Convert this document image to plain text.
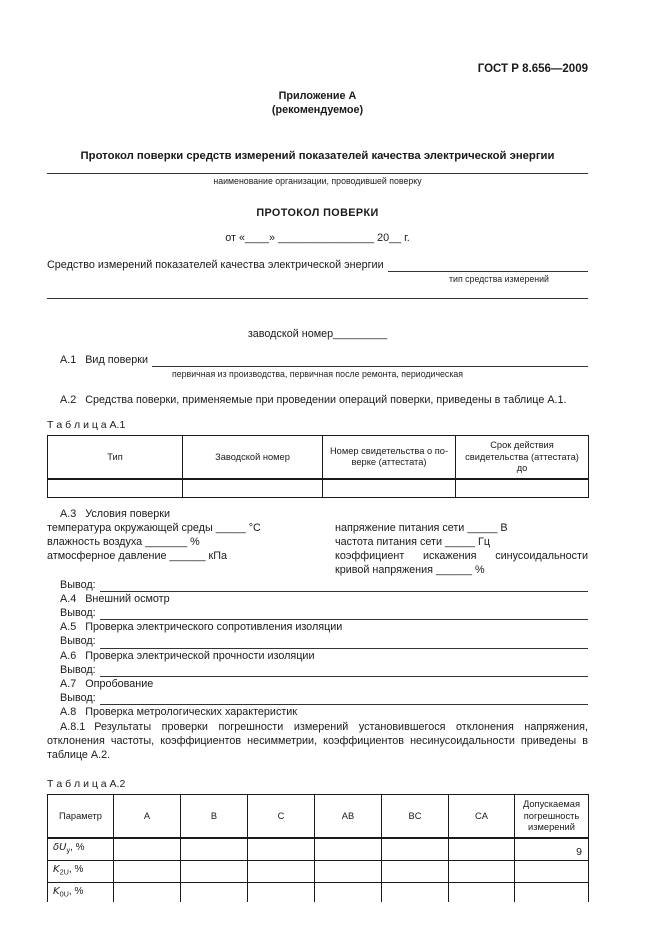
ГОСТ Р 8.656—2009
Приложение А
(рекомендуемое)
Протокол поверки средств измерений показателей качества электрической энергии
наименование организации, проводившей поверку
ПРОТОКОЛ ПОВЕРКИ
от «____» ________________ 20__ г.
Средство измерений показателей качества электрической энергии
тип средства измерений
заводской номер_________
А.1 Вид поверки
первичная из производства, первичная после ремонта, периодическая
А.2 Средства поверки, применяемые при проведении операций поверки, приведены в таблице А.1.
Т а б л и ц а А.1
Тип	Заводской номер	Номер свидетельства о поверке (аттестата)	Срок действия свидетельства (аттестата) до

А.3 Условия поверки
температура окружающей среды _____ °С
влажность воздуха _______ %
атмосферное давление ______ кПа
напряжение питания сети _____ В
частота питания сети _____ Гц
коэффициент искажения синусоидальности кривой напряжения ______ %
Вывод:
А.4 Внешний осмотр
Вывод:
А.5 Проверка электрического сопротивления изоляции
Вывод:
А.6 Проверка электрической прочности изоляции
Вывод:
А.7 Опробование
Вывод:
А.8 Проверка метрологических характеристик
А.8.1 Результаты проверки погрешности измерений установившегося отклонения напряжения, отклонения частоты, коэффициентов несимметрии, коэффициентов несинусоидальности приведены в таблице А.2.
Т а б л и ц а А.2
Параметр	A	B	C	AB	BC	CA	Допускаемая погрешность измерений
$\delta U_у$, %							
$K_{2U}$, %							
$K_{0U}$, %							
9
